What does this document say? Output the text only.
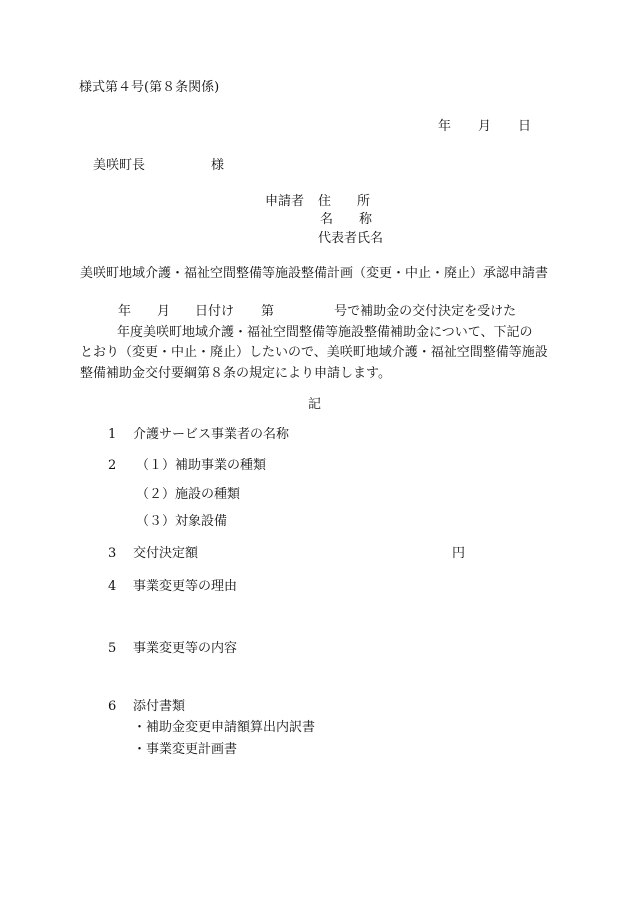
様式第４号(第８条関係)
年 月 日
美咲町長	様
申請者 住　　所
名　　称
代表者氏名
美咲町地域介護・福祉空間整備等施設整備計画（変更・中止・廃止）承認申請書
年 月 日付け 第	号で補助金の交付決定を受けた
年度美咲町地域介護・福祉空間整備等施設整備補助金について、下記の
とおり（変更・中止・廃止）したいので、美咲町地域介護・福祉空間整備等施設
整備補助金交付要綱第８条の規定により申請します。
記
1 介護サービス事業者の名称
2 （１）補助事業の種類
（２）施設の種類
（３）対象設備
3 交付決定額	円
4 事業変更等の理由
5 事業変更等の内容
6 添付書類
・補助金変更申請額算出内訳書
・事業変更計画書
